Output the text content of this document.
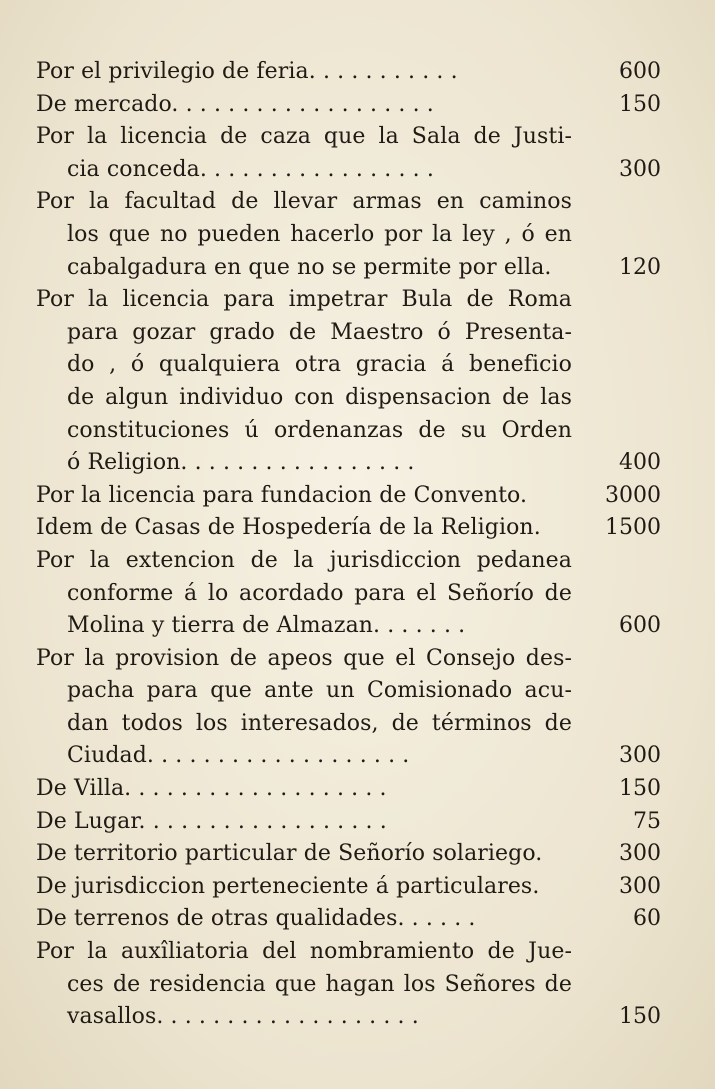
Por el privilegio de feria. . . . . . . . . . .	600
De mercado. . . . . . . . . . . . . . . . . . .	150
Por la licencia de caza que la Sala de Justi-
cia conceda. . . . . . . . . . . . . . . . .	300
Por la facultad de llevar armas en caminos
los que no pueden hacerlo por la ley , ó en
cabalgadura en que no se permite por ella.	120
Por la licencia para impetrar Bula de Roma
para gozar grado de Maestro ó Presenta-
do , ó qualquiera otra gracia á beneficio
de algun individuo con dispensacion de las
constituciones ú ordenanzas de su Orden
ó Religion. . . . . . . . . . . . . . . . .	400
Por la licencia para fundacion de Convento.	3000
Idem de Casas de Hospedería de la Religion.	1500
Por la extencion de la jurisdiccion pedanea
conforme á lo acordado para el Señorío de
Molina y tierra de Almazan. . . . . . .	600
Por la provision de apeos que el Consejo des-
pacha para que ante un Comisionado acu-
dan todos los interesados, de términos de
Ciudad. . . . . . . . . . . . . . . . . . .	300
De Villa. . . . . . . . . . . . . . . . . . .	150
De Lugar. . . . . . . . . . . . . . . . . .	75
De territorio particular de Señorío solariego.	300
De jurisdiccion perteneciente á particulares.	300
De terrenos de otras qualidades. . . . . .	60
Por la auxîliatoria del nombramiento de Jue-
ces de residencia que hagan los Señores de
vasallos. . . . . . . . . . . . . . . . . . .	150
